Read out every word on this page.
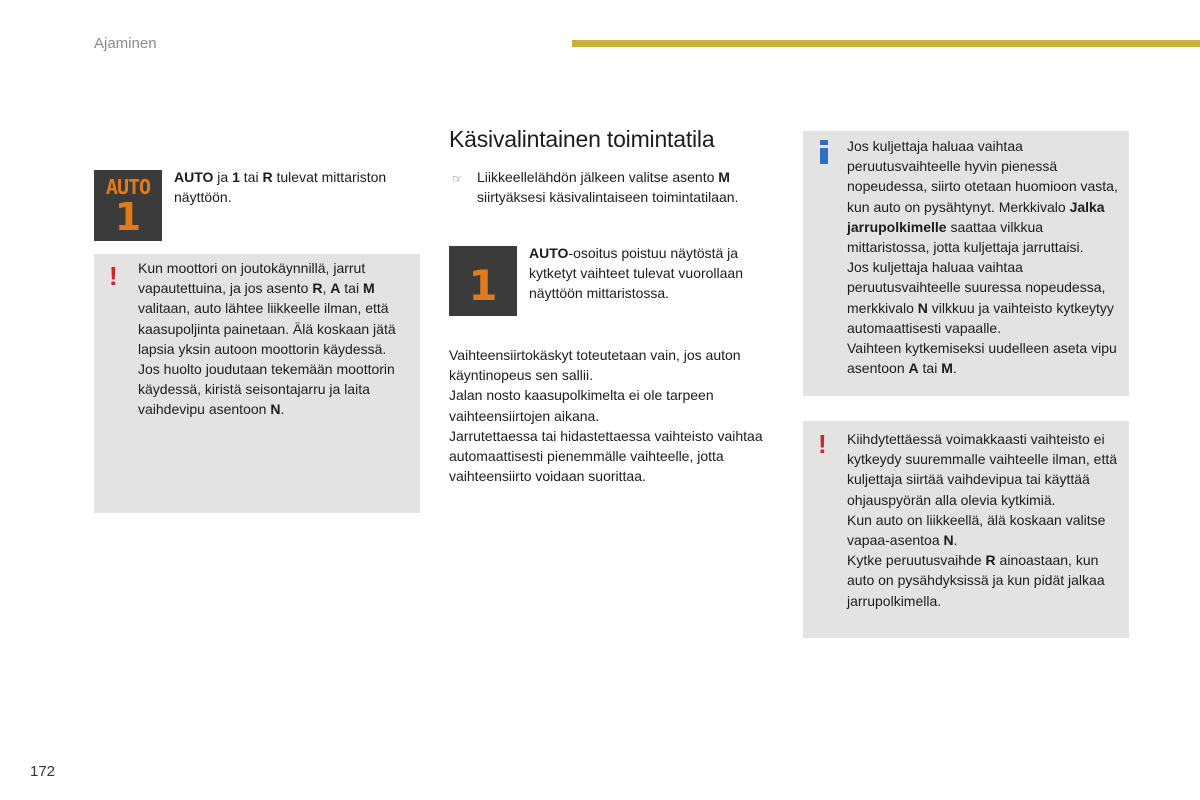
Ajaminen
AUTO
1
AUTO ja 1 tai R tulevat mittariston näyttöön.
! Kun moottori on joutokäynnillä, jarrut vapautettuina, ja jos asento R, A tai M valitaan, auto lähtee liikkeelle ilman, että kaasupoljinta painetaan. Älä koskaan jätä lapsia yksin autoon moottorin käydessä. Jos huolto joudutaan tekemään moottorin käydessä, kiristä seisontajarru ja laita vaihdevipu asentoon N.
Käsivalintainen toimintatila
☞	Liikkeellelähdön jälkeen valitse asento M siirtyäksesi käsivalintaiseen toimintatilaan.
1
AUTO-osoitus poistuu näytöstä ja kytketyt vaihteet tulevat vuorollaan näyttöön mittaristossa.
Vaihteensiirtokäskyt toteutetaan vain, jos auton käyntinopeus sen sallii.
Jalan nosto kaasupolkimelta ei ole tarpeen vaihteensiirtojen aikana.
Jarrutettaessa tai hidastettaessa vaihteisto vaihtaa automaattisesti pienemmälle vaihteelle, jotta vaihteensiirto voidaan suorittaa.
Jos kuljettaja haluaa vaihtaa peruutusvaihteelle hyvin pienessä nopeudessa, siirto otetaan huomioon vasta, kun auto on pysähtynyt. Merkkivalo Jalka jarrupolkimelle saattaa vilkkua mittaristossa, jotta kuljettaja jarruttaisi.
Jos kuljettaja haluaa vaihtaa peruutusvaihteelle suuressa nopeudessa, merkkivalo N vilkkuu ja vaihteisto kytkeytyy automaattisesti vapaalle.
Vaihteen kytkemiseksi uudelleen aseta vipu asentoon A tai M.
! Kiihdytettäessä voimakkaasti vaihteisto ei kytkeydy suuremmalle vaihteelle ilman, että kuljettaja siirtää vaihdevipua tai käyttää ohjauspyörän alla olevia kytkimiä.
Kun auto on liikkeellä, älä koskaan valitse vapaa-asentoa N.
Kytke peruutusvaihde R ainoastaan, kun auto on pysähdyksissä ja kun pidät jalkaa jarrupolkimella.
172
